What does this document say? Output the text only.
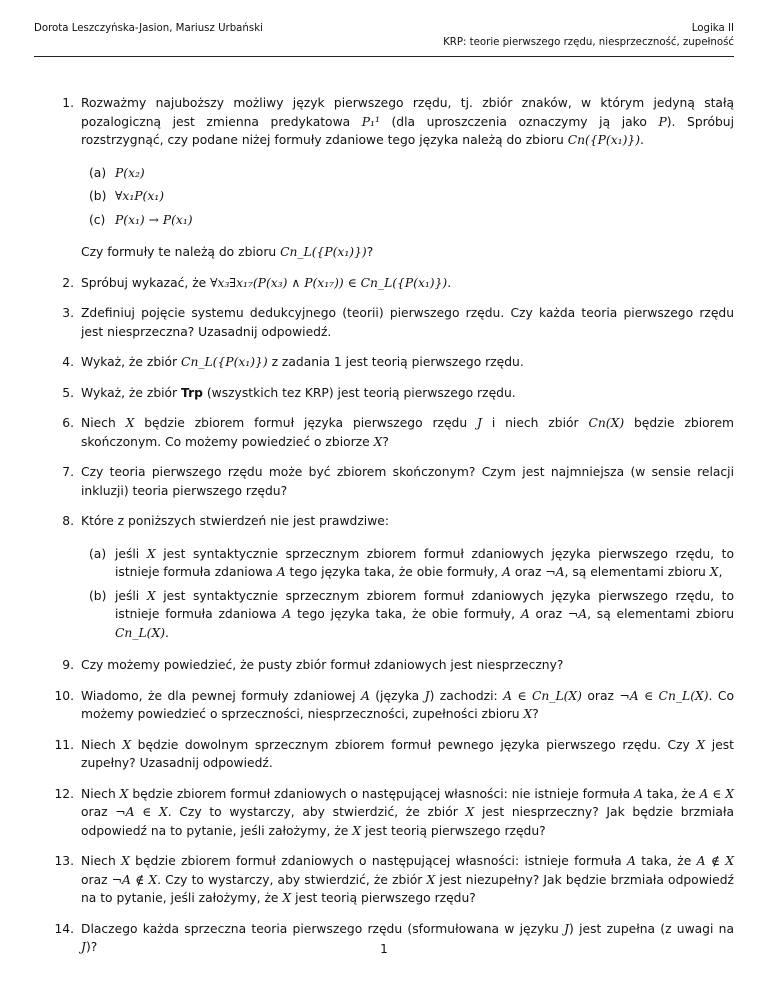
Dorota Leszczyńska-Jasion, Mariusz Urbański	Logika II
KRP: teorie pierwszego rzędu, niesprzeczność, zupełność
1. Rozważmy najuboższy możliwy język pierwszego rzędu, tj. zbiór znaków, w którym jedyną stałą pozalogiczną jest zmienna predykatowa P₁¹ (dla uproszczenia oznaczymy ją jako P). Spróbuj rozstrzygnąć, czy podane niżej formuły zdaniowe tego języka należą do zbioru Cn({P(x₁)}).
(a) P(x₂)
(b) ∀x₁P(x₁)
(c) P(x₁) → P(x₁)
Czy formuły te należą do zbioru Cn_L({P(x₁)})?
2. Spróbuj wykazać, że ∀x₃∃x₁₇(P(x₃) ∧ P(x₁₇)) ∈ Cn_L({P(x₁)}).
3. Zdefiniuj pojęcie systemu dedukcyjnego (teorii) pierwszego rzędu. Czy każda teoria pierwszego rzędu jest niesprzeczna? Uzasadnij odpowiedź.
4. Wykaż, że zbiór Cn_L({P(x₁)}) z zadania 1 jest teorią pierwszego rzędu.
5. Wykaż, że zbiór Trp (wszystkich tez KRP) jest teorią pierwszego rzędu.
6. Niech X będzie zbiorem formuł języka pierwszego rzędu J i niech zbiór Cn(X) będzie zbiorem skończonym. Co możemy powiedzieć o zbiorze X?
7. Czy teoria pierwszego rzędu może być zbiorem skończonym? Czym jest najmniejsza (w sensie relacji inkluzji) teoria pierwszego rzędu?
8. Które z poniższych stwierdzeń nie jest prawdziwe:
(a) jeśli X jest syntaktycznie sprzecznym zbiorem formuł zdaniowych języka pierwszego rzędu, to istnieje formuła zdaniowa A tego języka taka, że obie formuły, A oraz ¬A, są elementami zbioru X,
(b) jeśli X jest syntaktycznie sprzecznym zbiorem formuł zdaniowych języka pierwszego rzędu, to istnieje formuła zdaniowa A tego języka taka, że obie formuły, A oraz ¬A, są elementami zbioru Cn_L(X).
9. Czy możemy powiedzieć, że pusty zbiór formuł zdaniowych jest niesprzeczny?
10. Wiadomo, że dla pewnej formuły zdaniowej A (języka J) zachodzi: A ∈ Cn_L(X) oraz ¬A ∈ Cn_L(X). Co możemy powiedzieć o sprzeczności, niesprzeczności, zupełności zbioru X?
11. Niech X będzie dowolnym sprzecznym zbiorem formuł pewnego języka pierwszego rzędu. Czy X jest zupełny? Uzasadnij odpowiedź.
12. Niech X będzie zbiorem formuł zdaniowych o następującej własności: nie istnieje formuła A taka, że A ∈ X oraz ¬A ∈ X. Czy to wystarczy, aby stwierdzić, że zbiór X jest niesprzeczny? Jak będzie brzmiała odpowiedź na to pytanie, jeśli założymy, że X jest teorią pierwszego rzędu?
13. Niech X będzie zbiorem formuł zdaniowych o następującej własności: istnieje formuła A taka, że A ∉ X oraz ¬A ∉ X. Czy to wystarczy, aby stwierdzić, że zbiór X jest niezupełny? Jak będzie brzmiała odpowiedź na to pytanie, jeśli założymy, że X jest teorią pierwszego rzędu?
14. Dlaczego każda sprzeczna teoria pierwszego rzędu (sformułowana w języku J) jest zupełna (z uwagi na J)?	1
